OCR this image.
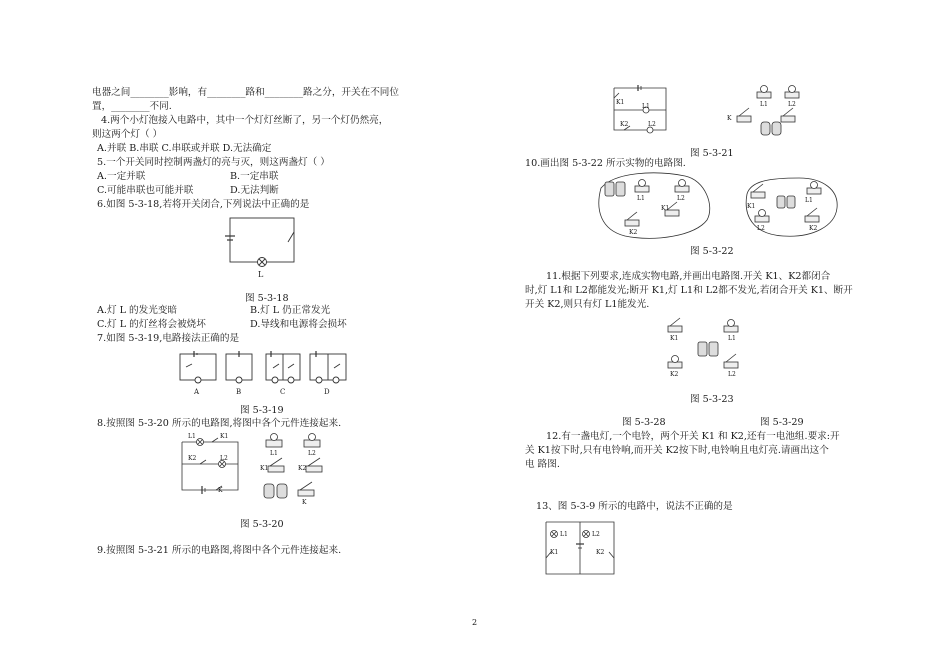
电器之间________影响，有________路和________路之分，开关在不同位
置，________不同.
4.两个小灯泡接入电路中，其中一个灯灯丝断了，另一个灯仍然亮，
则这两个灯（ ）
A.并联 B.串联 C.串联或并联 D.无法确定
5.一个开关同时控制两盏灯的亮与灭，则这两盏灯（ ）
A.一定并联	B.一定串联
C.可能串联也可能并联	D.无法判断
6.如图 5-3-18,若将开关闭合,下列说法中正确的是
L
图 5-3-18
A.灯 L 的发光变暗	B.灯 L 仍正常发光
C.灯 L 的灯丝将会被烧坏	D.导线和电源将会损坏
7.如图 5-3-19,电路接法正确的是
A	B	C	D
图 5-3-19
8.按照图 5-3-20 所示的电路图,将图中各个元件连接起来.
L1	K1
K2	L2
K
L1	L2
K1	K2
K
图 5-3-20
9.按照图 5-3-21 所示的电路图,将图中各个元件连接起来.
K1
L1
K2	L2
L1	L2
K
图 5-3-21
10.画出图 5-3-22 所示实物的电路图.
L1	L2
K1
K2
L1
K1
K2
L2
图 5-3-22
11.根据下列要求,连成实物电路,并画出电路图.开关 K1、K2都闭合
时,灯 L1和 L2都能发光;断开 K1,灯 L1和 L2都不发光,若闭合开关 K1、断开
开关 K2,则只有灯 L1能发光.
K1	L1
K2	L2
图 5-3-23
图 5-3-28	图 5-3-29
12.有一盏电灯,一个电铃，两个开关 K1 和 K2,还有一电池组.要求:开
关 K1按下时,只有电铃响,而开关 K2按下时,电铃响且电灯亮.请画出这个
电 路图.
13、图 5-3-9 所示的电路中，说法不正确的是
L1	L2
K1	K2
2
